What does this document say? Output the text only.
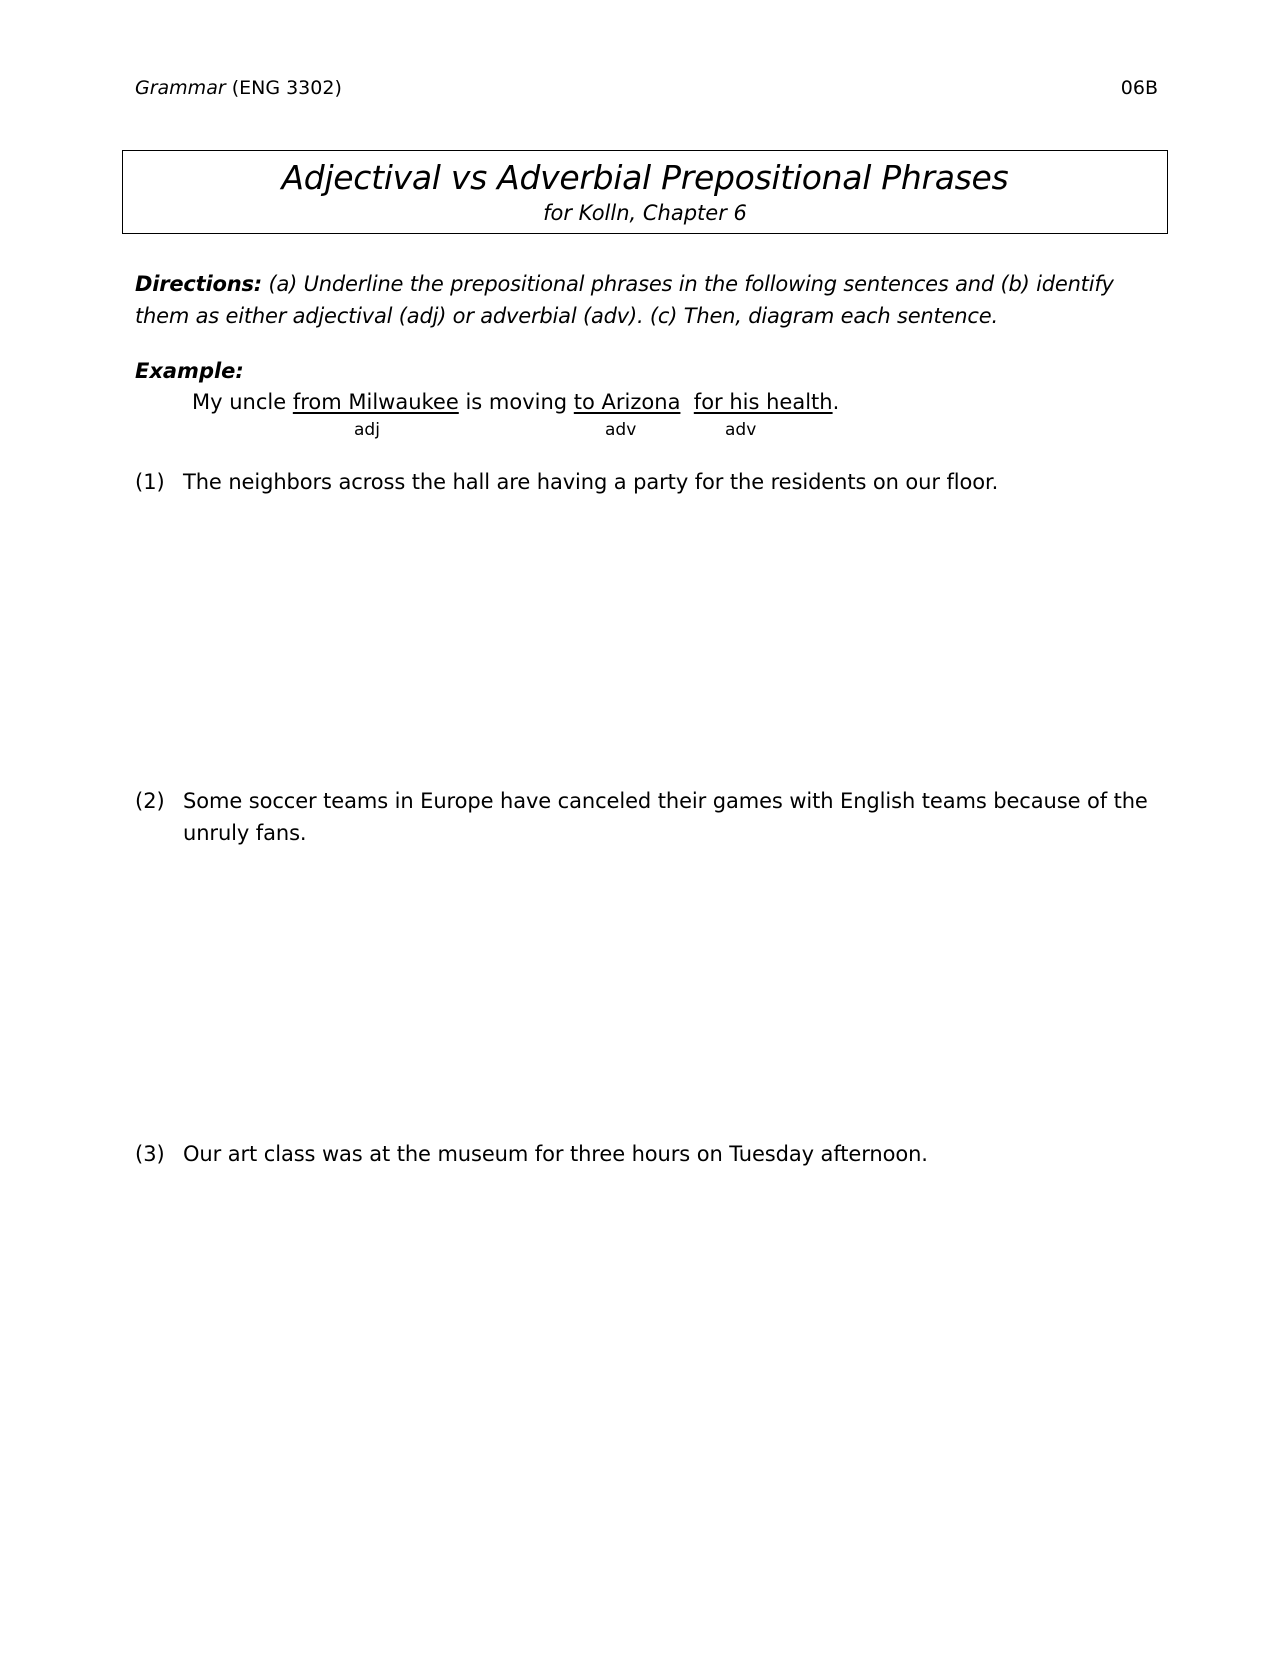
Grammar (ENG 3302)	06B
Adjectival vs Adverbial Prepositional Phrases
for Kolln, Chapter 6
Directions: (a) Underline the prepositional phrases in the following sentences and (b) identify them as either adjectival (adj) or adverbial (adv). (c) Then, diagram each sentence.
Example:
My uncle from Milwaukee is moving to Arizona for his health.
adj	adv	adv
(1) The neighbors across the hall are having a party for the residents on our floor.
(2) Some soccer teams in Europe have canceled their games with English teams because of the unruly fans.
(3) Our art class was at the museum for three hours on Tuesday afternoon.
